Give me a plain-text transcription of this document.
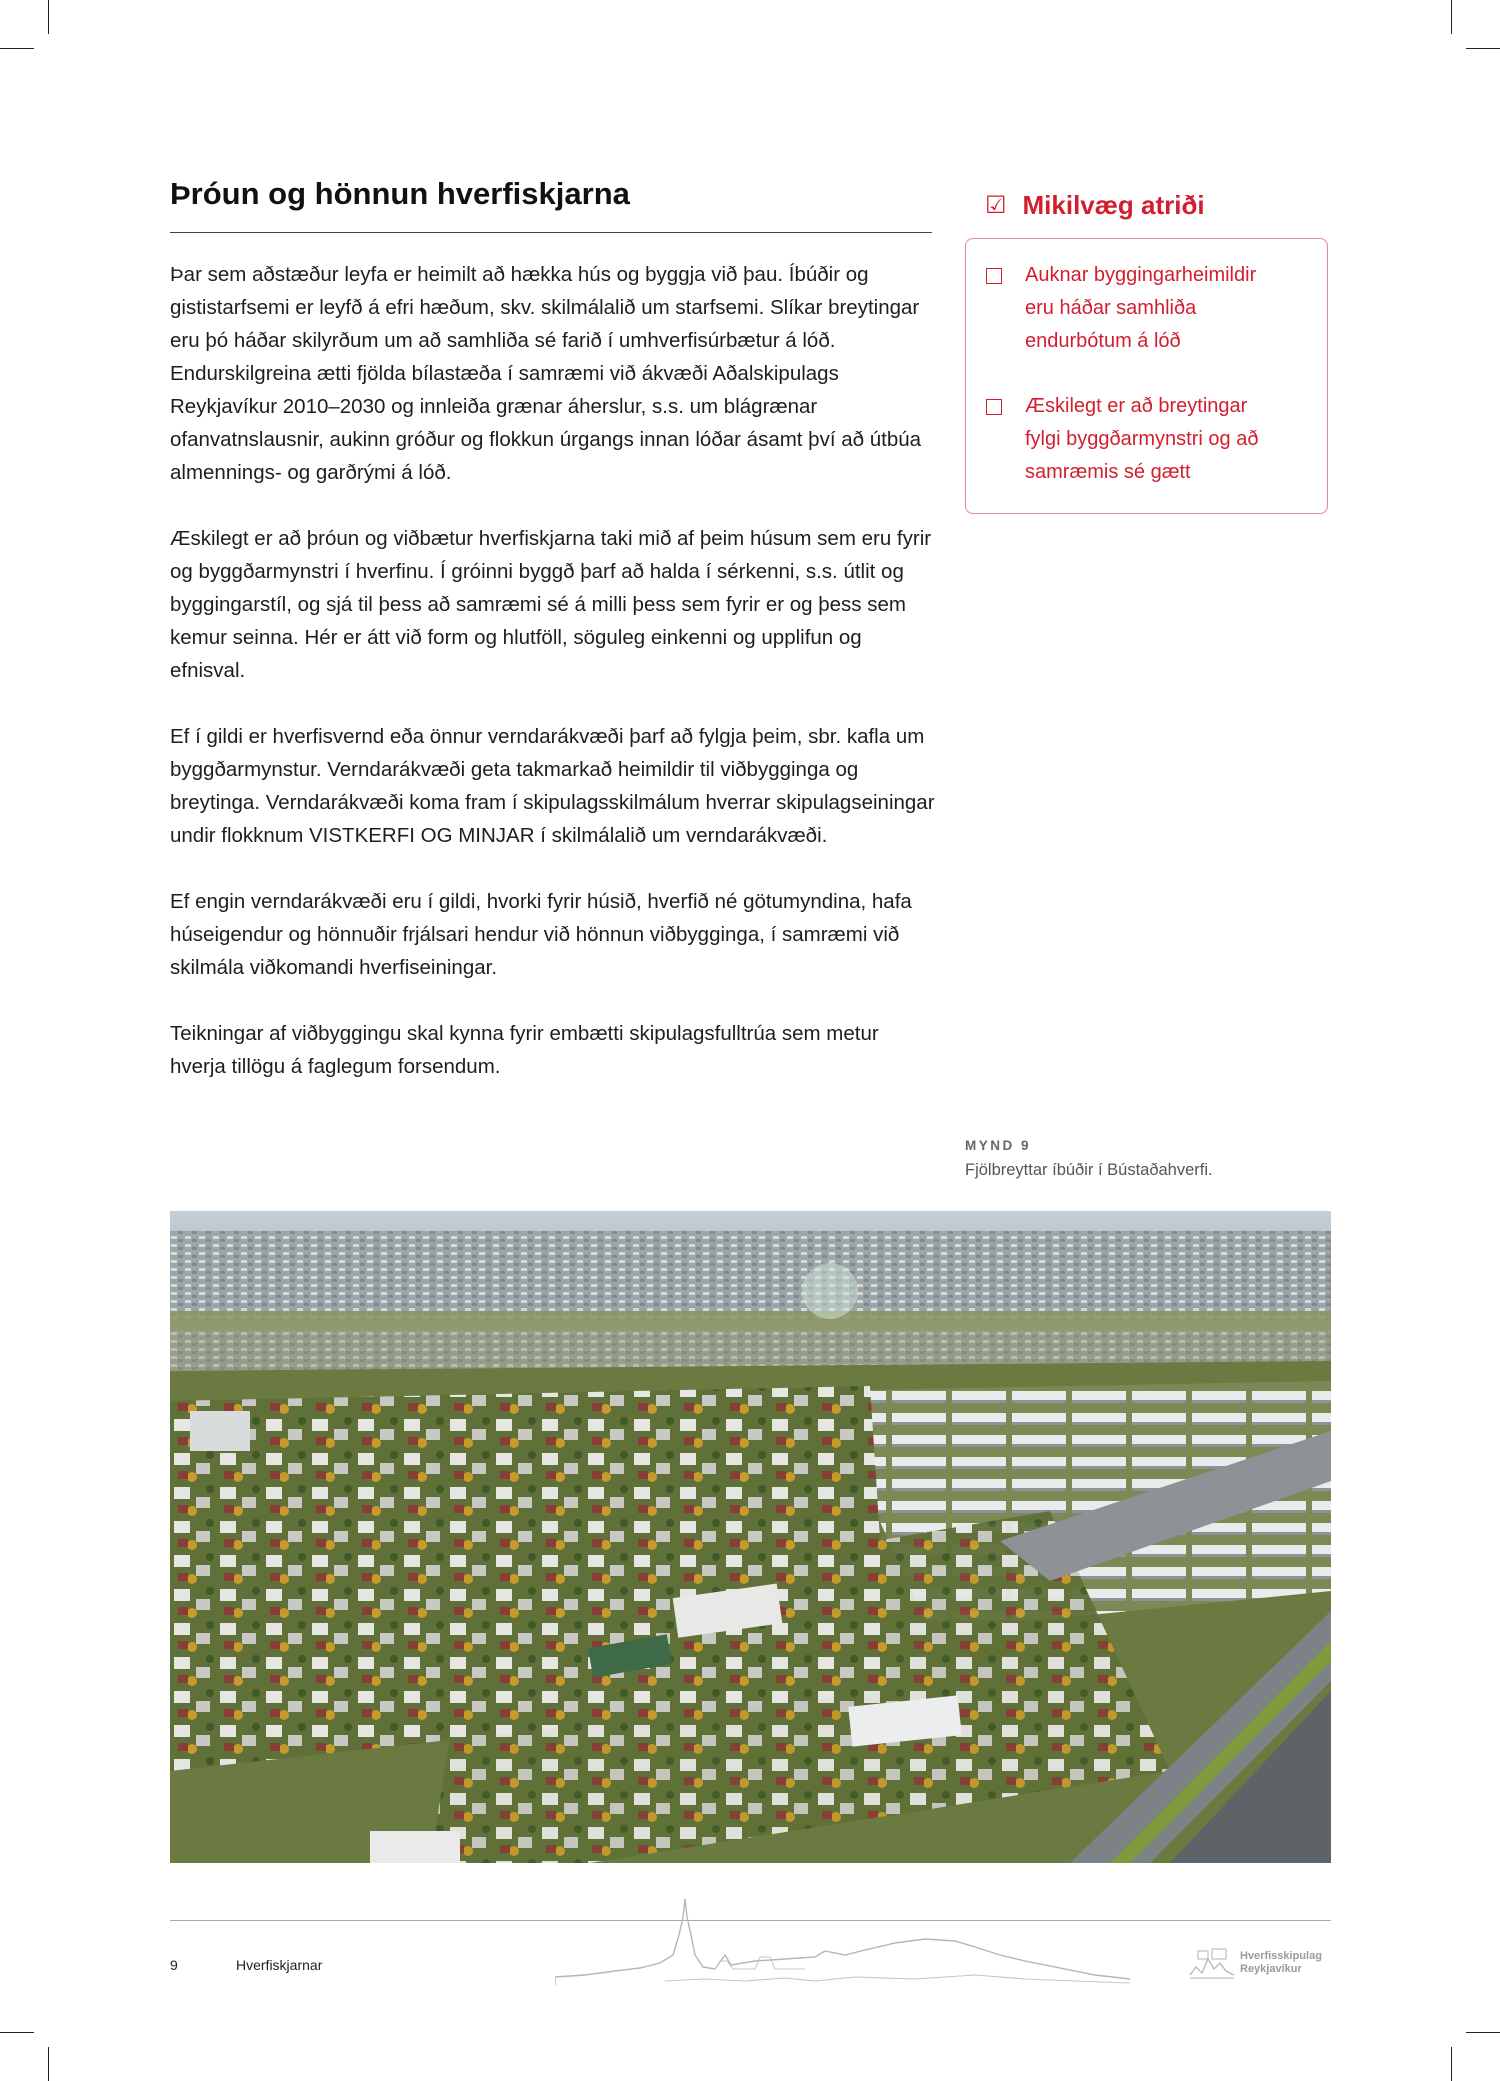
Þróun og hönnun hverfiskjarna

Þar sem aðstæður leyfa er heimilt að hækka hús og byggja við þau. Íbúðir og gististarfsemi er leyfð á efri hæðum, skv. skilmálalið um starfsemi. Slíkar breytingar eru þó háðar skilyrðum um að samhliða sé farið í umhverfisúrbætur á lóð. Endurskilgreina ætti fjölda bílastæða í samræmi við ákvæði Aðalskipulags Reykjavíkur 2010–2030 og innleiða grænar áherslur, s.s. um blágrænar ofanvatnslausnir, aukinn gróður og flokkun úrgangs innan lóðar ásamt því að útbúa almennings- og garðrými á lóð.

Æskilegt er að þróun og viðbætur hverfiskjarna taki mið af þeim húsum sem eru fyrir og byggðarmynstri í hverfinu. Í gróinni byggð þarf að halda í sérkenni, s.s. útlit og byggingarstíl, og sjá til þess að samræmi sé á milli þess sem fyrir er og þess sem kemur seinna. Hér er átt við form og hlutföll, söguleg einkenni og upplifun og efnisval.

Ef í gildi er hverfisvernd eða önnur verndarákvæði þarf að fylgja þeim, sbr. kafla um byggðarmynstur. Verndarákvæði geta takmarkað heimildir til viðbygginga og breytinga. Verndarákvæði koma fram í skipulagsskilmálum hverrar skipulagseiningar undir flokknum VISTKERFI OG MINJAR í skilmálalið um verndarákvæði.

Ef engin verndarákvæði eru í gildi, hvorki fyrir húsið, hverfið né götumyndina, hafa húseigendur og hönnuðir frjálsari hendur við hönnun viðbygginga, í samræmi við skilmála viðkomandi hverfiseiningar.

Teikningar af viðbyggingu skal kynna fyrir embætti skipulagsfulltrúa sem metur hverja tillögu á faglegum forsendum.

☑ Mikilvæg atriði
Auknar byggingarheimildir
eru háðar samhliða
endurbótum á lóð
Æskilegt er að breytingar
fylgi byggðarmynstri og að
samræmis sé gætt
MYND 9
Fjölbreyttar íbúðir í Bústaðahverfi.
9	Hverfiskjarnar
Hverfisskipulag
Reykjavíkur
